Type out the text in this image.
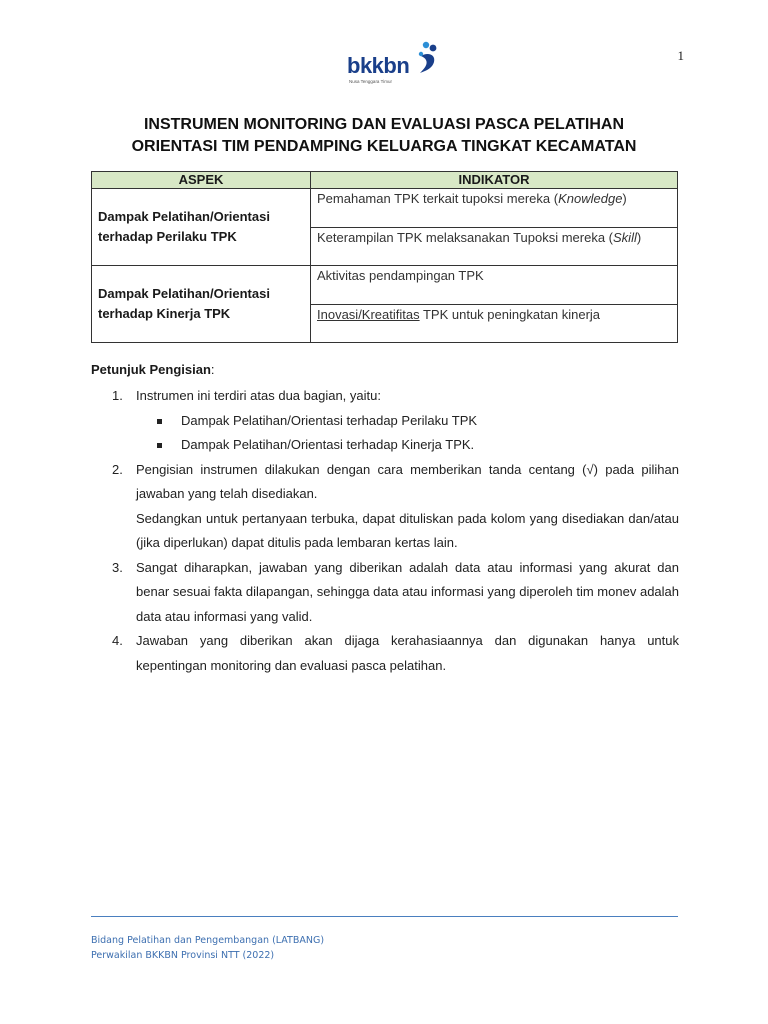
1
bkkbn
Nusa Tenggara Timur
INSTRUMEN MONITORING DAN EVALUASI PASCA PELATIHAN
ORIENTASI TIM PENDAMPING KELUARGA TINGKAT KECAMATAN
ASPEK	INDIKATOR
Dampak Pelatihan/Orientasi
terhadap Perilaku TPK	Pemahaman TPK terkait tupoksi mereka (Knowledge)
	Keterampilan TPK melaksanakan Tupoksi mereka (Skill)
Dampak Pelatihan/Orientasi
terhadap Kinerja TPK	Aktivitas pendampingan TPK
	Inovasi/Kreatifitas TPK untuk peningkatan kinerja
Petunjuk Pengisian:
1. Instrumen ini terdiri atas dua bagian, yaitu:
Dampak Pelatihan/Orientasi terhadap Perilaku TPK
Dampak Pelatihan/Orientasi terhadap Kinerja TPK.
2. Pengisian instrumen dilakukan dengan cara memberikan tanda centang (√) pada pilihan jawaban yang telah disediakan.
Sedangkan untuk pertanyaan terbuka, dapat dituliskan pada kolom yang disediakan dan/atau (jika diperlukan) dapat ditulis pada lembaran kertas lain.
3. Sangat diharapkan, jawaban yang diberikan adalah data atau informasi yang akurat dan benar sesuai fakta dilapangan, sehingga data atau informasi yang diperoleh tim monev adalah data atau informasi yang valid.
4. Jawaban yang diberikan akan dijaga kerahasiaannya dan digunakan hanya untuk kepentingan monitoring dan evaluasi pasca pelatihan.
Bidang Pelatihan dan Pengembangan (LATBANG)
Perwakilan BKKBN Provinsi NTT (2022)
